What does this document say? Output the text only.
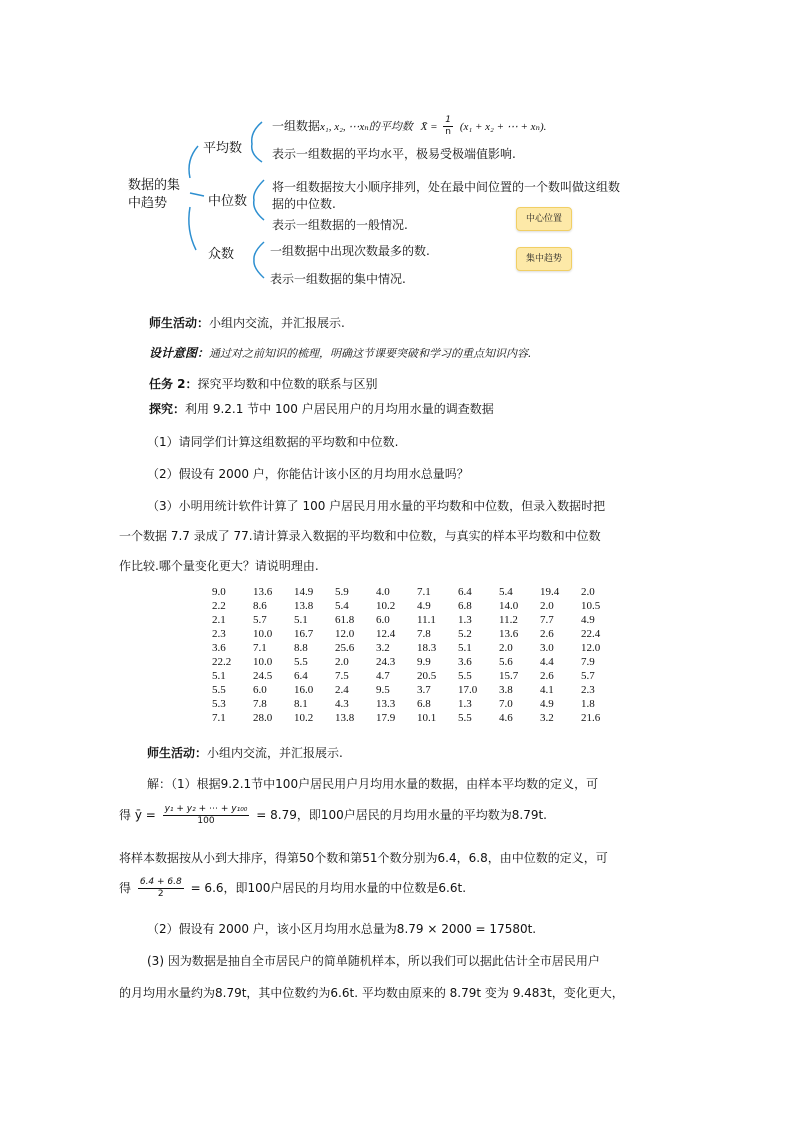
数据的集
中趋势
平均数
中位数
众数
一组数据x₁, x₂, ⋯xₙ的平均数 X̄ = $\frac{1}{n} (x_1 + x_2$ + ⋯ + xₙ).
表示一组数据的平均水平，极易受极端值影响.
将一组数据按大小顺序排列，处在最中间位置的一个数叫做这组数
据的中位数.
表示一组数据的一般情况.
一组数据中出现次数最多的数.
表示一组数据的集中情况.
中心位置
集中趋势
师生活动：小组内交流，并汇报展示.
设计意图：通过对之前知识的梳理，明确这节课要突破和学习的重点知识内容.
任务 2：探究平均数和中位数的联系与区别
探究：利用 9.2.1 节中 100 户居民用户的月均用水量的调查数据
（1）请同学们计算这组数据的平均数和中位数.
（2）假设有 2000 户，你能估计该小区的月均用水总量吗？
（3）小明用统计软件计算了 100 户居民月用水量的平均数和中位数，但录入数据时把
一个数据 7.7 录成了 77.请计算录入数据的平均数和中位数，与真实的样本平均数和中位数
作比较.哪个量变化更大？请说明理由.
9.0	13.6	14.9	5.9	4.0	7.1	6.4	5.4	19.4	2.0
2.2	8.6	13.8	5.4	10.2	4.9	6.8	14.0	2.0	10.5
2.1	5.7	5.1	61.8	6.0	11.1	1.3	11.2	7.7	4.9
2.3	10.0	16.7	12.0	12.4	7.8	5.2	13.6	2.6	22.4
3.6	7.1	8.8	25.6	3.2	18.3	5.1	2.0	3.0	12.0
22.2	10.0	5.5	2.0	24.3	9.9	3.6	5.6	4.4	7.9
5.1	24.5	6.4	7.5	4.7	20.5	5.5	15.7	2.6	5.7
5.5	6.0	16.0	2.4	9.5	3.7	17.0	3.8	4.1	2.3
5.3	7.8	8.1	4.3	13.3	6.8	1.3	7.0	4.9	1.8
7.1	28.0	10.2	13.8	17.9	10.1	5.5	4.6	3.2	21.6
师生活动：小组内交流，并汇报展示.
解：（1）根据9.2.1节中100户居民用户月均用水量的数据，由样本平均数的定义，可
得 ȳ = $\frac{\text{y₁ + y₂ + ⋯ + y₁₀₀}}{100} = 8.79$，即100户居民的月均用水量的平均数为8.79t.
将样本数据按从小到大排序，得第50个数和第51个数分别为6.4，6.8，由中位数的定义，可
得 $\frac{6.4 + 6.8}{2} = 6.6$，即100户居民的月均用水量的中位数是6.6t.
（2）假设有 2000 户，该小区月均用水总量为8.79 × 2000 = 17580t.
(3) 因为数据是抽自全市居民户的简单随机样本，所以我们可以据此估计全市居民用户
的月均用水量约为8.79t，其中位数约为6.6t. 平均数由原来的 8.79t 变为 9.483t，变化更大，
